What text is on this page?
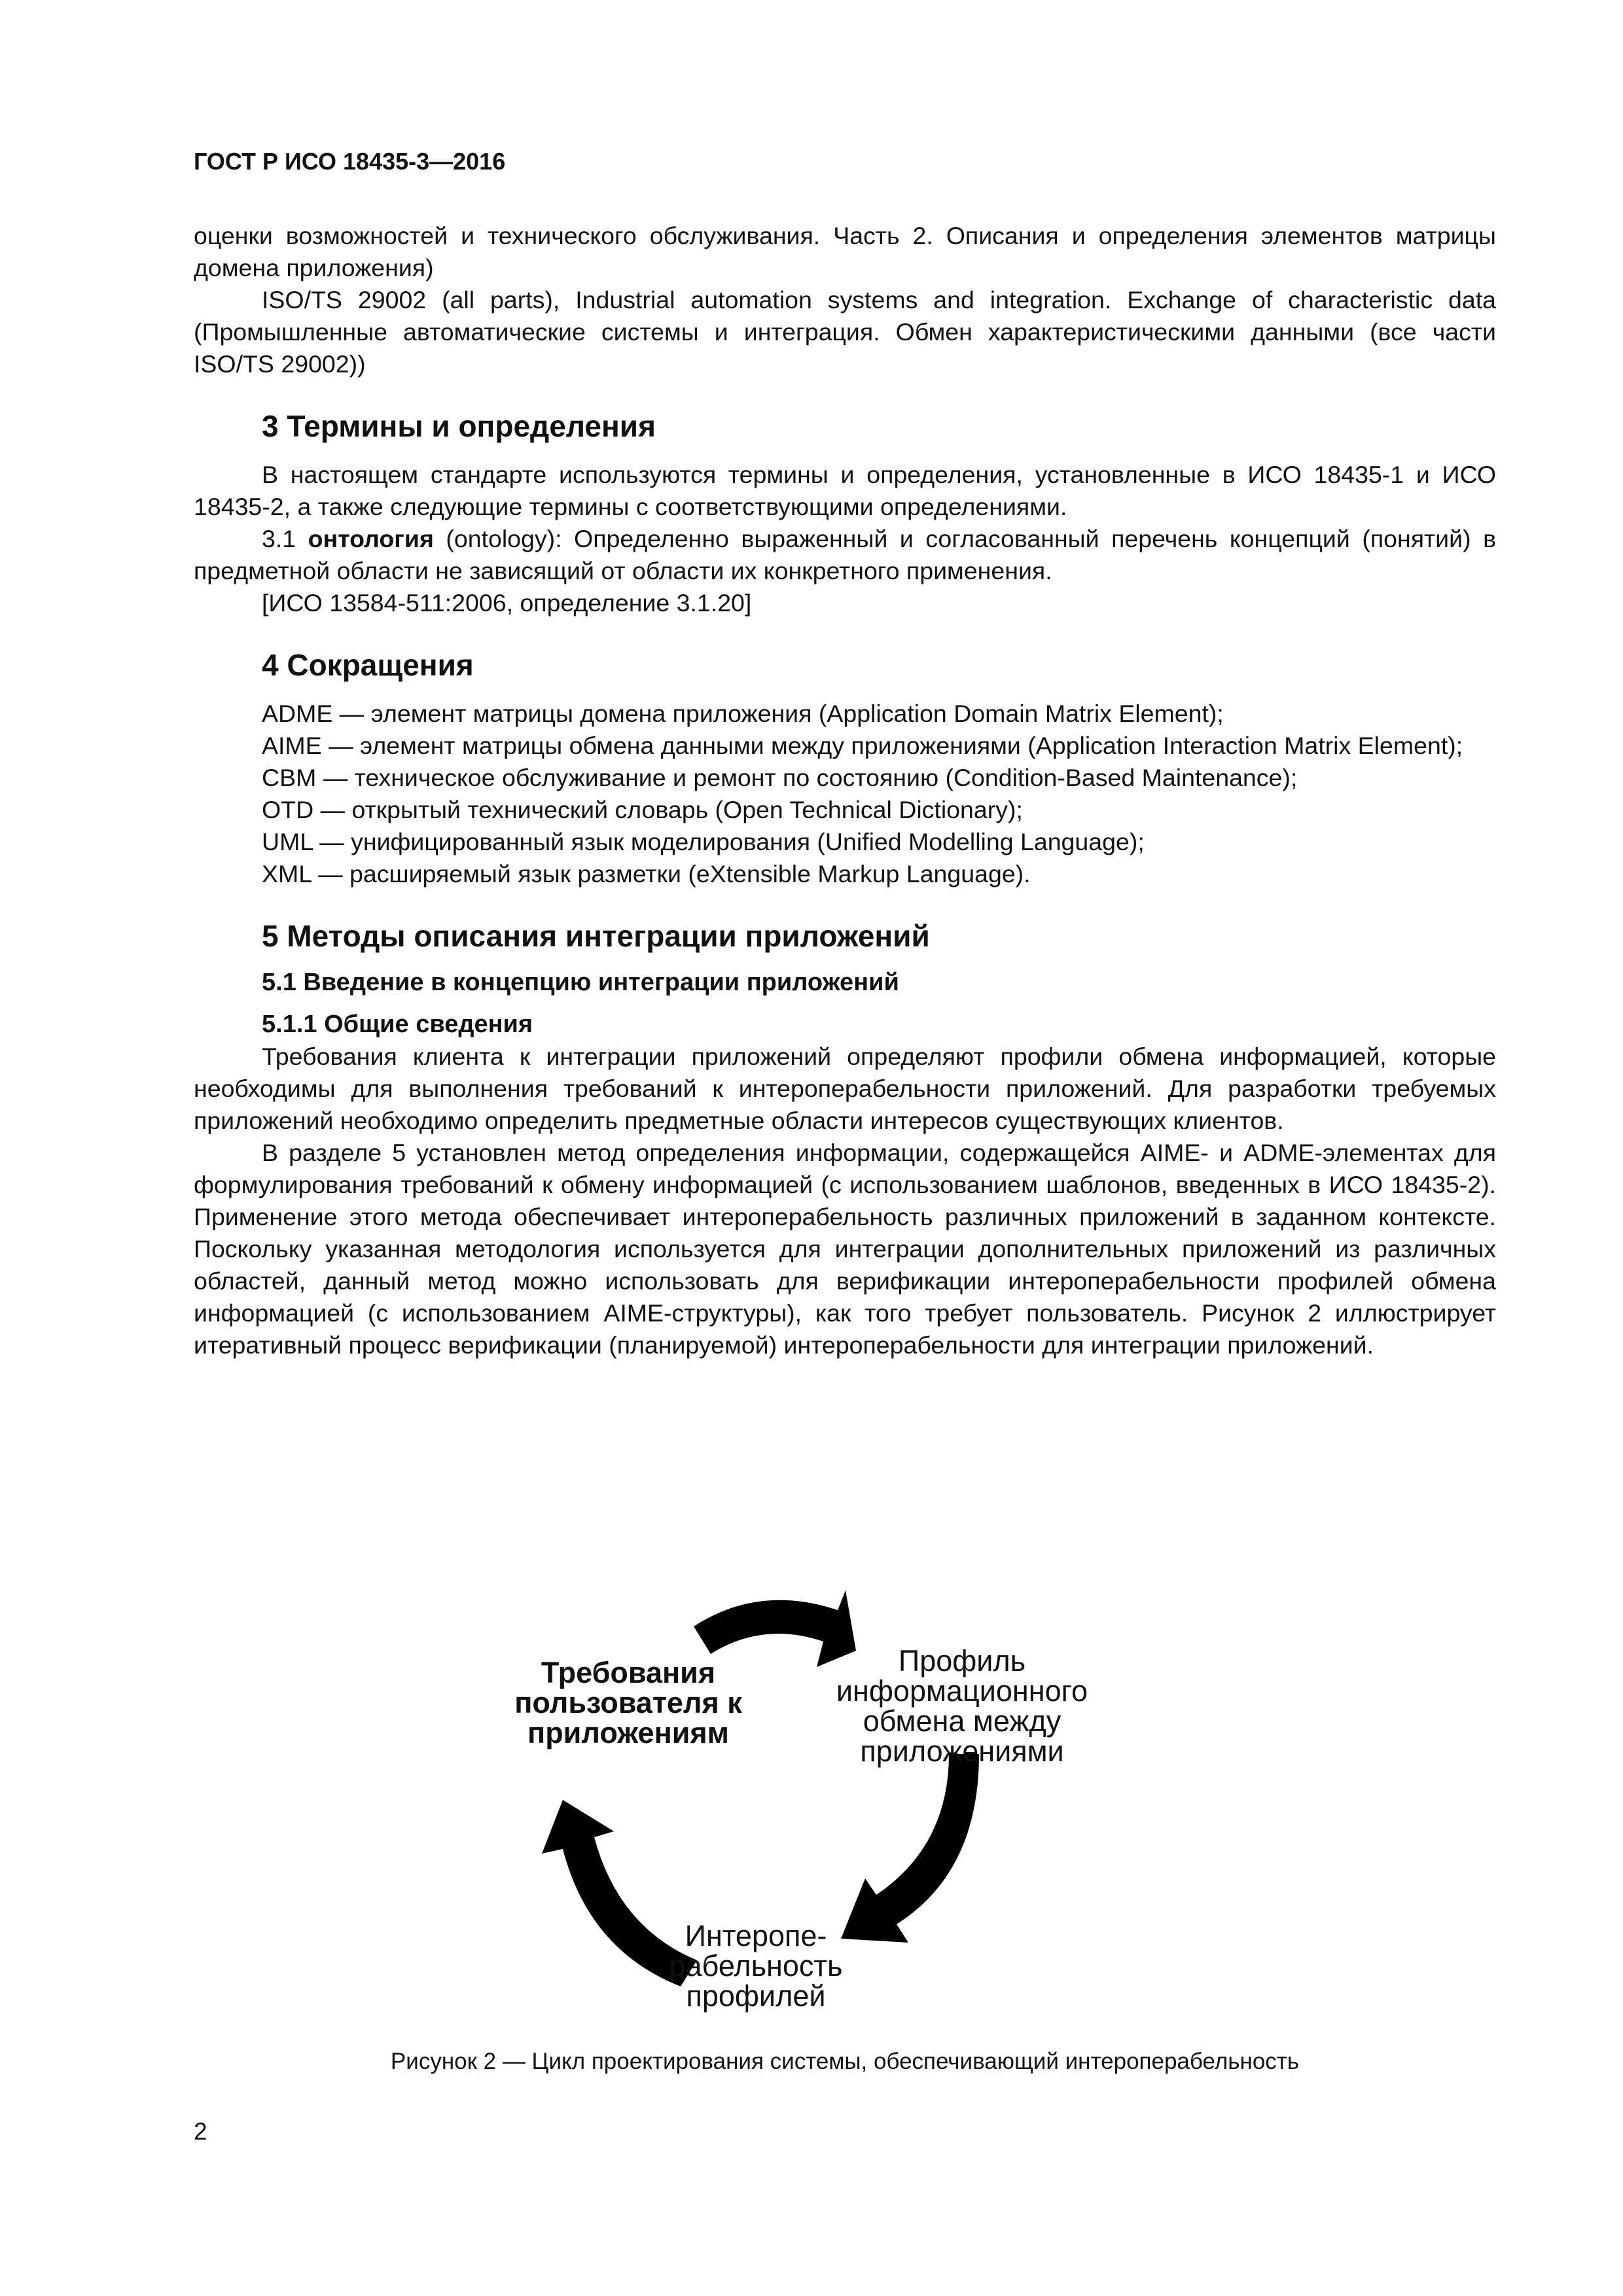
ГОСТ Р ИСО 18435-3—2016

оценки возможностей и технического обслуживания. Часть 2. Описания и определения элементов матрицы домена приложения)

ISO/TS 29002 (all parts), Industrial automation systems and integration. Exchange of characteristic data (Промышленные автоматические системы и интеграция. Обмен характеристическими данными (все части ISO/TS 29002))

3 Термины и определения

В настоящем стандарте используются термины и определения, установленные в ИСО 18435-1 и ИСО 18435-2, а также следующие термины с соответствующими определениями.

3.1 онтология (ontology): Определенно выраженный и согласованный перечень концепций (понятий) в предметной области не зависящий от области их конкретного применения.

[ИСО 13584-511:2006, определение 3.1.20]

4 Сокращения

ADME — элемент матрицы домена приложения (Application Domain Matrix Element);

AIME — элемент матрицы обмена данными между приложениями (Application Interaction Matrix Element);

CBM — техническое обслуживание и ремонт по состоянию (Condition-Based Maintenance);

OTD — открытый технический словарь (Open Technical Dictionary);

UML — унифицированный язык моделирования (Unified Modelling Language);

XML — расширяемый язык разметки (eXtensible Markup Language).

5 Методы описания интеграции приложений
5.1 Введение в концепцию интеграции приложений
5.1.1 Общие сведения

Требования клиента к интеграции приложений определяют профили обмена информацией, которые необходимы для выполнения требований к интероперабельности приложений. Для разработки требуемых приложений необходимо определить предметные области интересов существующих клиентов.

В разделе 5 установлен метод определения информации, содержащейся AIME- и ADME-элементах для формулирования требований к обмену информацией (с использованием шаблонов, введенных в ИСО 18435-2). Применение этого метода обеспечивает интероперабельность различных приложений в заданном контексте. Поскольку указанная методология используется для интеграции дополнительных приложений из различных областей, данный метод можно использовать для верификации интероперабельности профилей обмена информацией (с использованием AIME-структуры), как того требует пользователь. Рисунок 2 иллюстрирует итеративный процесс верификации (планируемой) интероперабельности для интеграции приложений.

Требования пользователя к приложениям
Профиль информационного обмена между приложениями
Интеропе-рабельность профилей
Рисунок 2 — Цикл проектирования системы, обеспечивающий интероперабельность
2
